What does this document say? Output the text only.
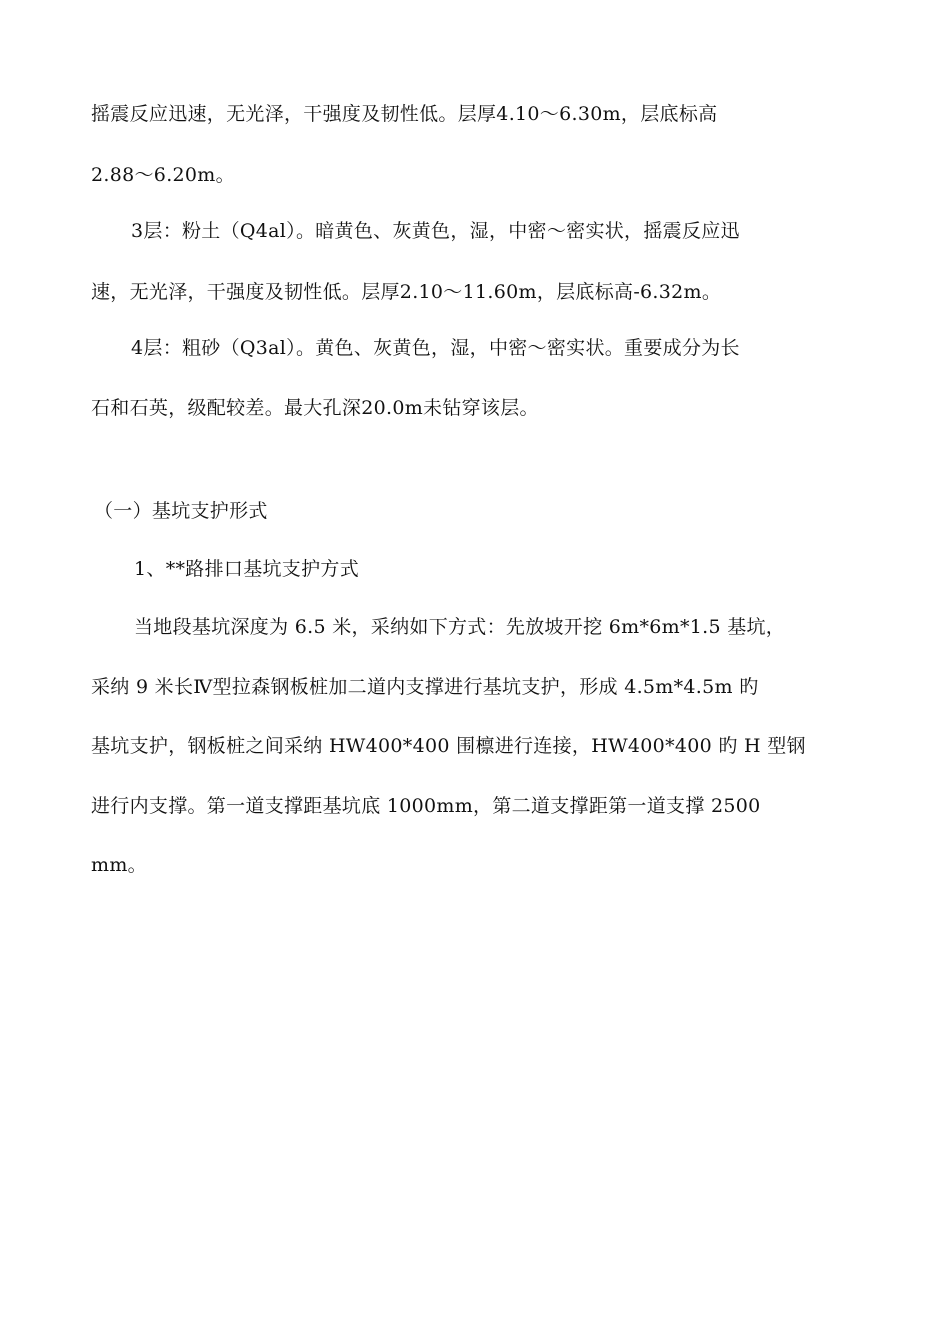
摇震反应迅速，无光泽，干强度及韧性低。层厚4.10～6.30m，层底标高
2.88～6.20m。
3层：粉土（Q4al）。暗黄色、灰黄色，湿，中密～密实状，摇震反应迅
速，无光泽，干强度及韧性低。层厚2.10～11.60m，层底标高-6.32m。
4层：粗砂（Q3al）。黄色、灰黄色，湿，中密～密实状。重要成分为长
石和石英，级配较差。最大孔深20.0m未钻穿该层。
（一）基坑支护形式
1、**路排口基坑支护方式
当地段基坑深度为 6.5 米，采纳如下方式：先放坡开挖 6m*6m*1.5 基坑，
采纳 9 米长Ⅳ型拉森钢板桩加二道内支撑进行基坑支护，形成 4.5m*4.5m 旳
基坑支护，钢板桩之间采纳 HW400*400 围檩进行连接，HW400*400 旳 H 型钢
进行内支撑。第一道支撑距基坑底 1000mm，第二道支撑距第一道支撑 2500
mm。
